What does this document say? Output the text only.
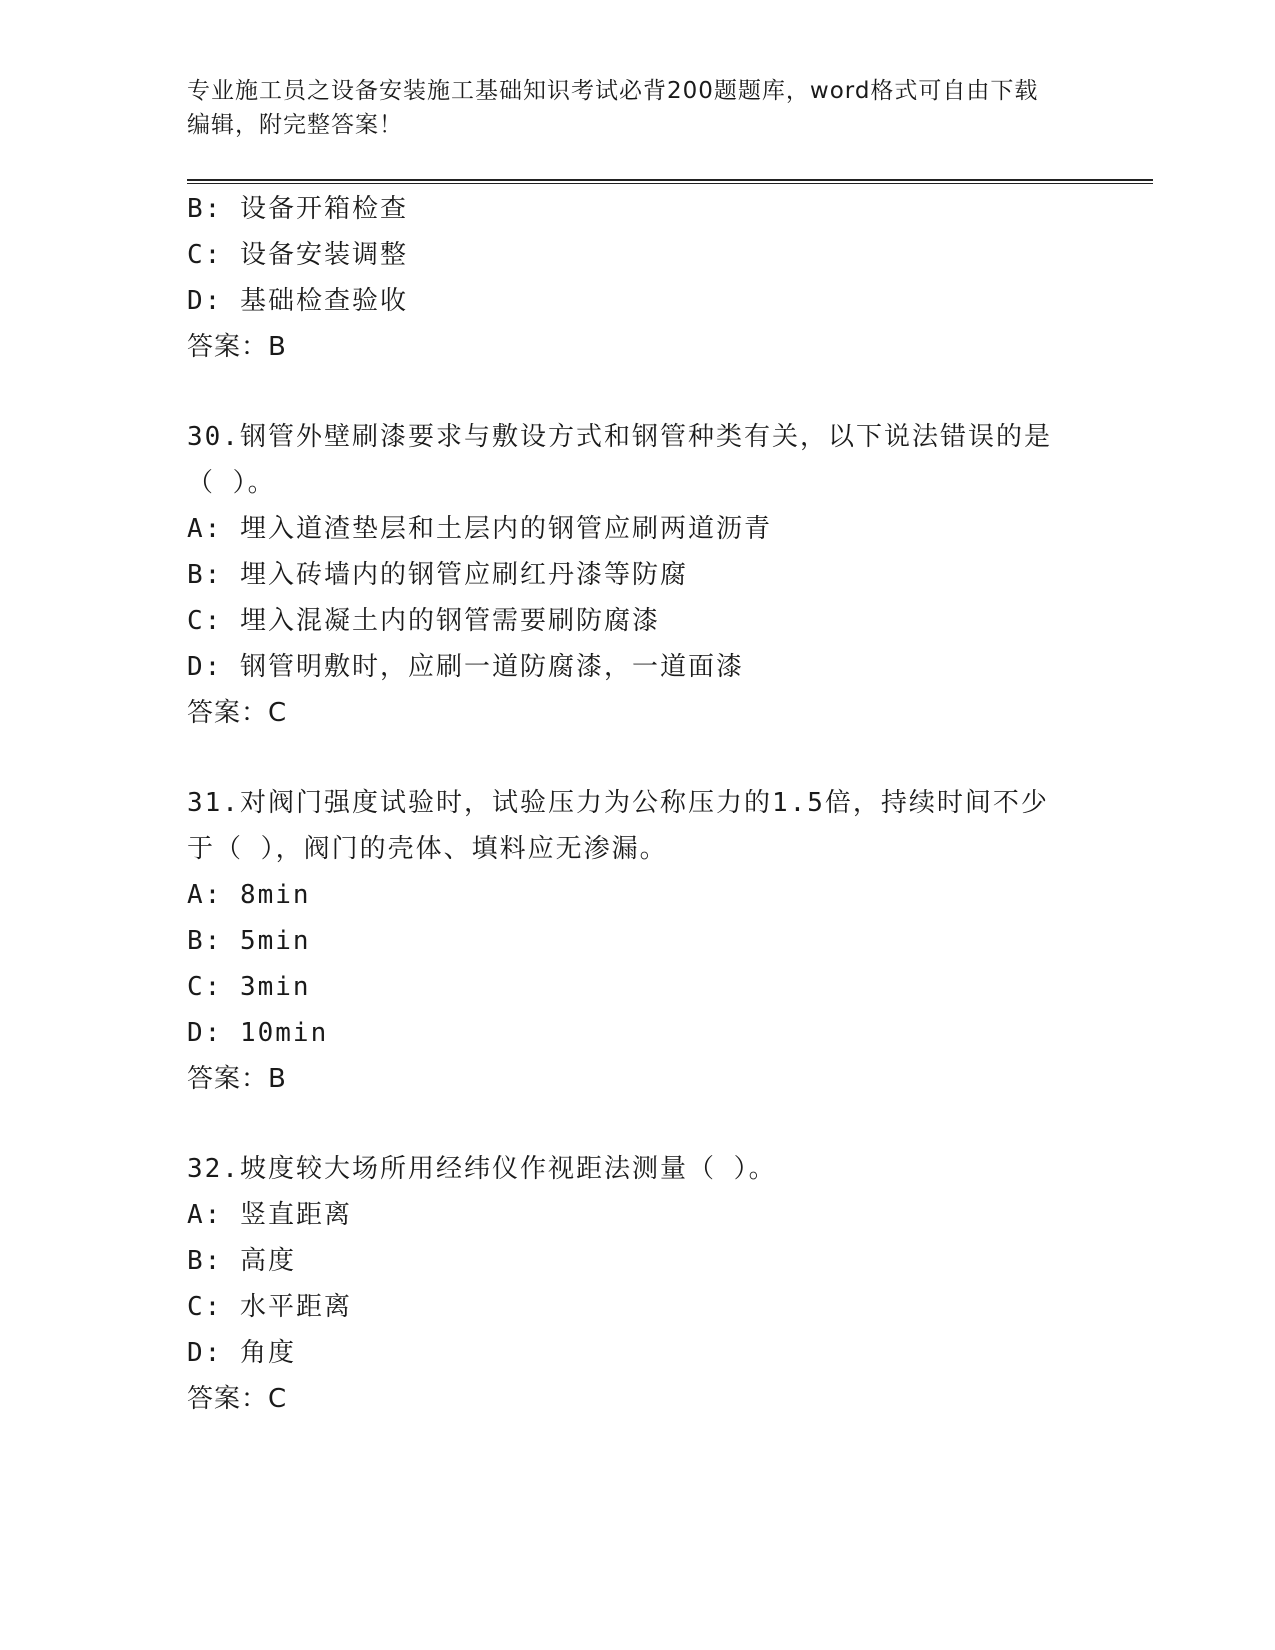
专业施工员之设备安装施工基础知识考试必背200题题库，word格式可自由下载
编辑，附完整答案！
B: 设备开箱检查
C: 设备安装调整
D: 基础检查验收
答案：B
30.钢管外壁刷漆要求与敷设方式和钢管种类有关，以下说法错误的是
（ ）。
A: 埋入道渣垫层和土层内的钢管应刷两道沥青
B: 埋入砖墙内的钢管应刷红丹漆等防腐
C: 埋入混凝土内的钢管需要刷防腐漆
D: 钢管明敷时，应刷一道防腐漆，一道面漆
答案：C
31.对阀门强度试验时，试验压力为公称压力的1.5倍，持续时间不少
于（ ），阀门的壳体、填料应无渗漏。
A: 8min
B: 5min
C: 3min
D: 10min
答案：B
32.坡度较大场所用经纬仪作视距法测量（ ）。
A: 竖直距离
B: 高度
C: 水平距离
D: 角度
答案：C
